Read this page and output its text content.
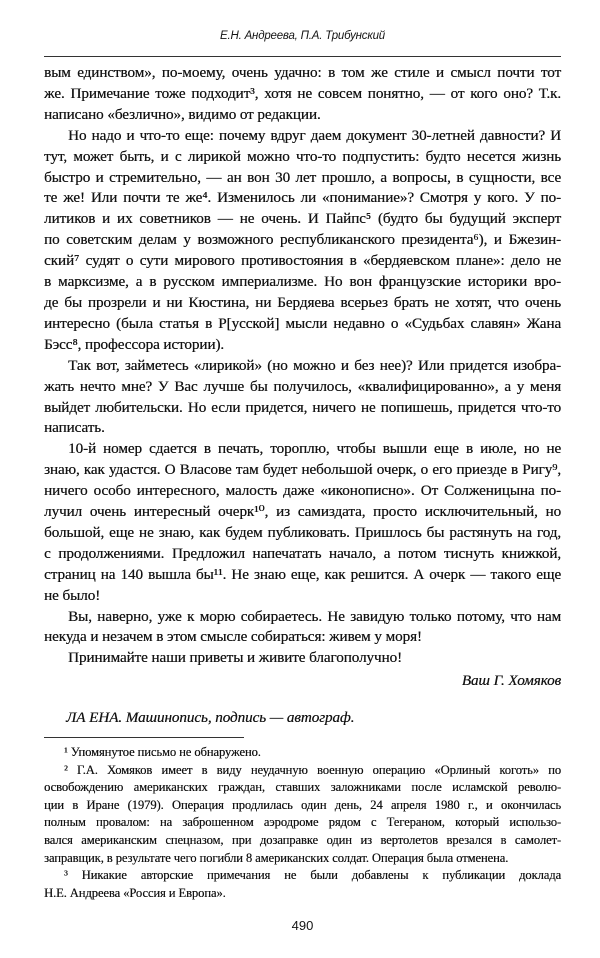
Е.Н. Андреева, П.А. Трибунский
вым единством», по-моему, очень удачно: в том же стиле и смысл почти тот
же. Примечание тоже подходит³, хотя не совсем понятно, — от кого оно? Т.к.
написано «безлично», видимо от редакции.
Но надо и что-то еще: почему вдруг даем документ 30-летней давности? И
тут, может быть, и с лирикой можно что-то подпустить: будто несется жизнь
быстро и стремительно, — ан вон 30 лет прошло, а вопросы, в сущности, все
те же! Или почти те же⁴. Изменилось ли «понимание»? Смотря у кого. У по-
литиков и их советников — не очень. И Пайпс⁵ (будто бы будущий эксперт
по советским делам у возможного республиканского президента⁶), и Бжезин-
ский⁷ судят о сути мирового противостояния в «бердяевском плане»: дело не
в марксизме, а в русском империализме. Но вон французские историки вро-
де бы прозрели и ни Кюстина, ни Бердяева всерьез брать не хотят, что очень
интересно (была статья в Р[усской] мысли недавно о «Судьбах славян» Жана
Бэсс⁸, профессора истории).
Так вот, займетесь «лирикой» (но можно и без нее)? Или придется изобра-
жать нечто мне? У Вас лучше бы получилось, «квалифицированно», а у меня
выйдет любительски. Но если придется, ничего не попишешь, придется что-то
написать.
10-й номер сдается в печать, тороплю, чтобы вышли еще в июле, но не
знаю, как удастся. О Власове там будет небольшой очерк, о его приезде в Ригу⁹,
ничего особо интересного, малость даже «иконописно». От Солженицына по-
лучил очень интересный очерк¹⁰, из самиздата, просто исключительный, но
большой, еще не знаю, как будем публиковать. Пришлось бы растянуть на год,
с продолжениями. Предложил напечатать начало, а потом тиснуть книжкой,
страниц на 140 вышла бы¹¹. Не знаю еще, как решится. А очерк — такого еще
не было!
Вы, наверно, уже к морю собираетесь. Не завидую только потому, что нам
некуда и незачем в этом смысле собираться: живем у моря!
Принимайте наши приветы и живите благополучно!
Ваш Г. Хомяков
ЛА ЕНА. Машинопись, подпись — автограф.
¹ Упомянутое письмо не обнаружено.
² Г.А. Хомяков имеет в виду неудачную военную операцию «Орлиный коготь» по
освобождению американских граждан, ставших заложниками после исламской револю-
ции в Иране (1979). Операция продлилась один день, 24 апреля 1980 г., и окончилась
полным провалом: на заброшенном аэродроме рядом с Тегераном, который использо-
вался американским спецназом, при дозаправке один из вертолетов врезался в самолет-
заправщик, в результате чего погибли 8 американских солдат. Операция была отменена.
³ Никакие авторские примечания не были добавлены к публикации доклада
Н.Е. Андреева «Россия и Европа».
490
